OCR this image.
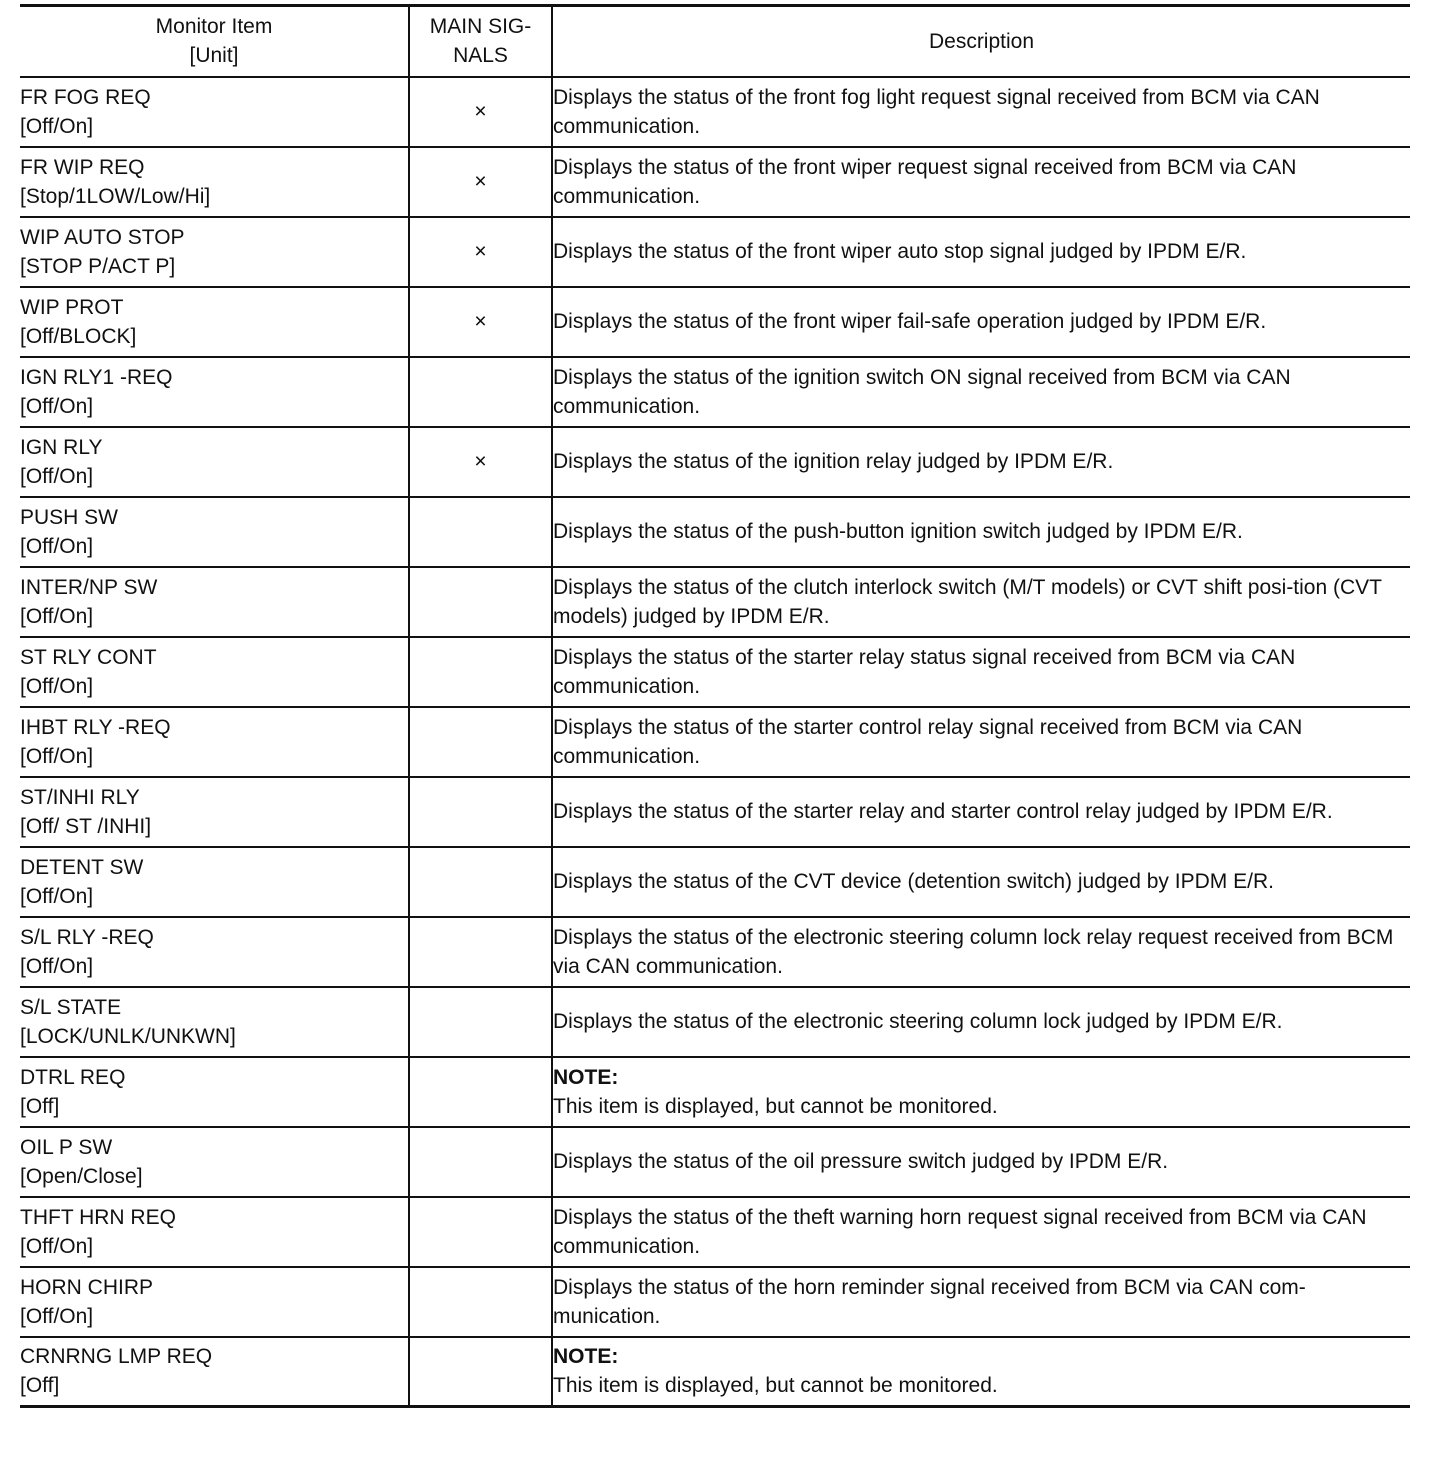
Monitor Item
[Unit]	MAIN SIG-
NALS	Description

FR FOG REQ
[Off/On]	×	Displays the status of the front fog light request signal received from BCM via CAN communication.

FR WIP REQ
[Stop/1LOW/Low/Hi]	×	Displays the status of the front wiper request signal received from BCM via CAN communication.

WIP AUTO STOP
[STOP P/ACT P]	×	Displays the status of the front wiper auto stop signal judged by IPDM E/R.

WIP PROT
[Off/BLOCK]	×	Displays the status of the front wiper fail-safe operation judged by IPDM E/R.

IGN RLY1 -REQ
[Off/On]		Displays the status of the ignition switch ON signal received from BCM via CAN communication.

IGN RLY
[Off/On]	×	Displays the status of the ignition relay judged by IPDM E/R.

PUSH SW
[Off/On]		Displays the status of the push-button ignition switch judged by IPDM E/R.

INTER/NP SW
[Off/On]		Displays the status of the clutch interlock switch (M/T models) or CVT shift posi-tion (CVT models) judged by IPDM E/R.

ST RLY CONT
[Off/On]		Displays the status of the starter relay status signal received from BCM via CAN communication.

IHBT RLY -REQ
[Off/On]		Displays the status of the starter control relay signal received from BCM via CAN communication.

ST/INHI RLY
[Off/ ST /INHI]		Displays the status of the starter relay and starter control relay judged by IPDM E/R.

DETENT SW
[Off/On]		Displays the status of the CVT device (detention switch) judged by IPDM E/R.

S/L RLY -REQ
[Off/On]		Displays the status of the electronic steering column lock relay request received from BCM via CAN communication.

S/L STATE
[LOCK/UNLK/UNKWN]		Displays the status of the electronic steering column lock judged by IPDM E/R.

DTRL REQ
[Off]		NOTE:
This item is displayed, but cannot be monitored.

OIL P SW
[Open/Close]		Displays the status of the oil pressure switch judged by IPDM E/R.

THFT HRN REQ
[Off/On]		Displays the status of the theft warning horn request signal received from BCM via CAN communication.

HORN CHIRP
[Off/On]		Displays the status of the horn reminder signal received from BCM via CAN com-munication.

CRNRNG LMP REQ
[Off]		NOTE:
This item is displayed, but cannot be monitored.
